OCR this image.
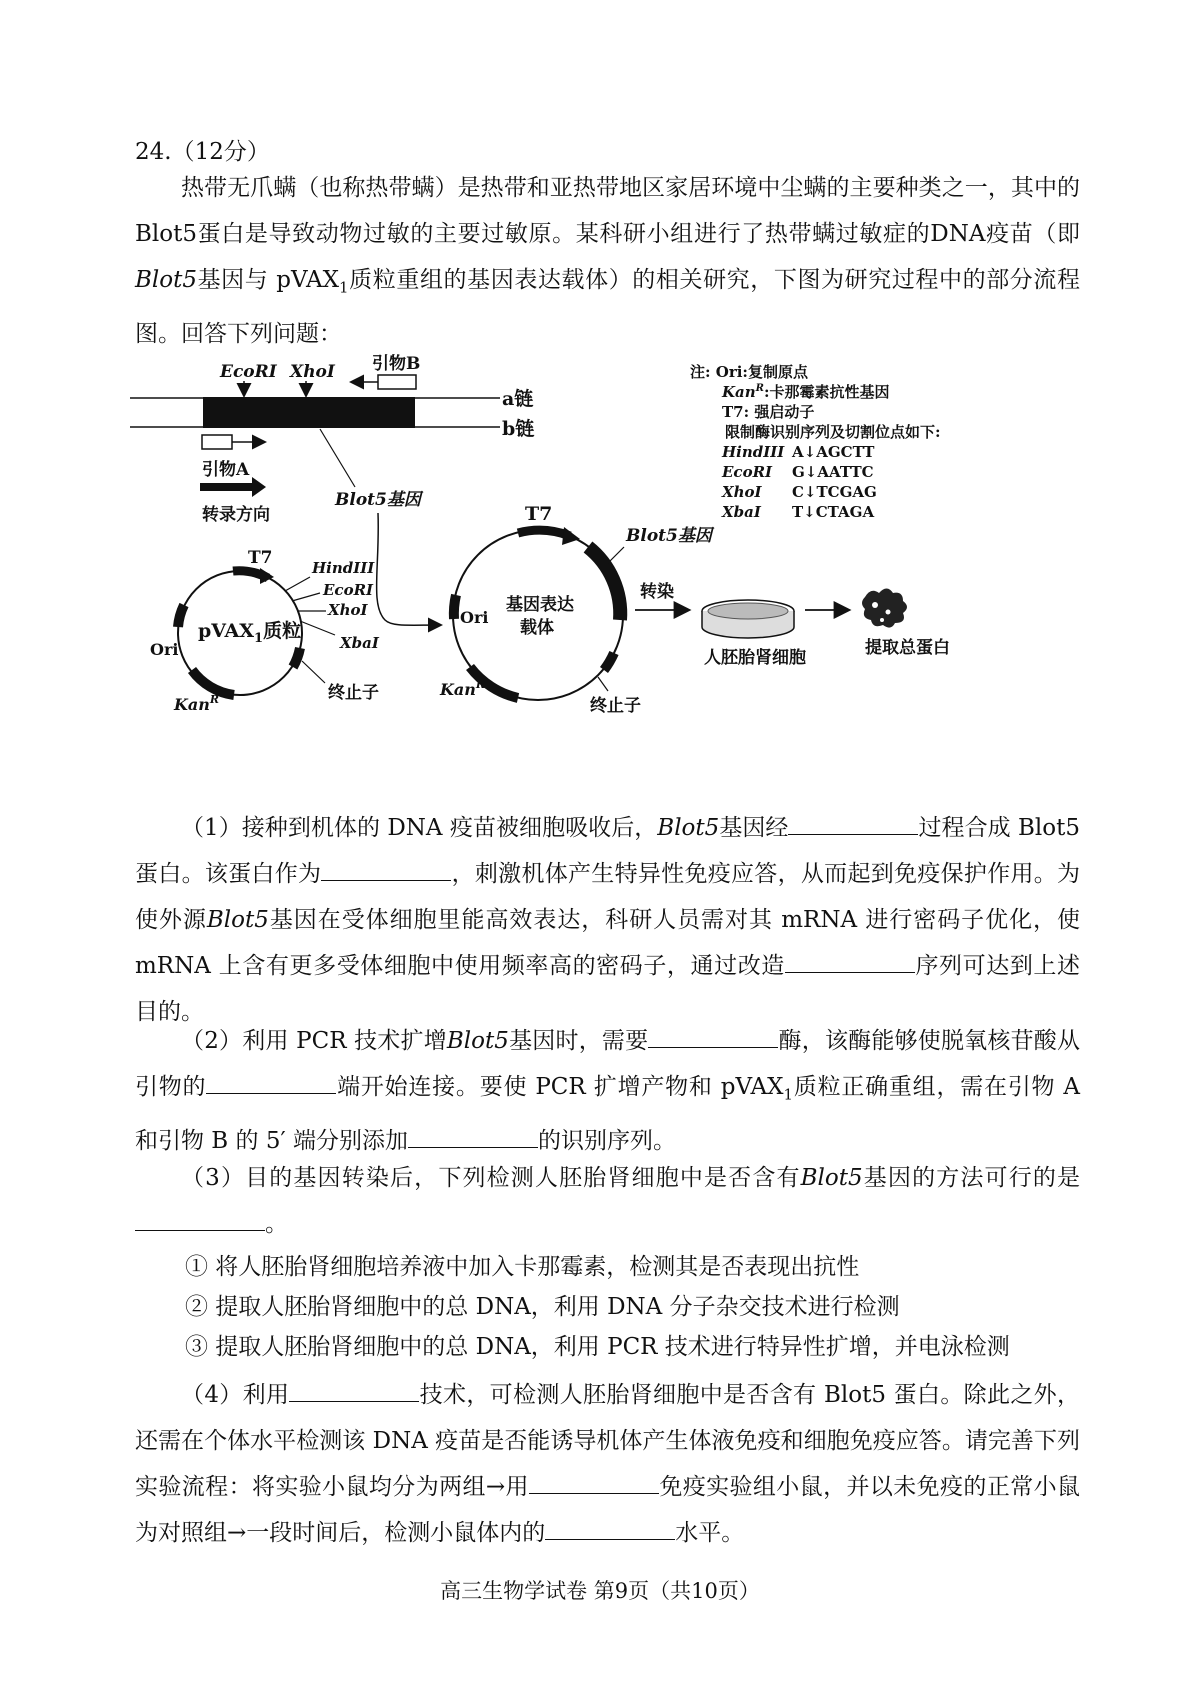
24.（12分）
热带无爪螨（也称热带螨）是热带和亚热带地区家居环境中尘螨的主要种类之一，其中的Blot5蛋白是导致动物过敏的主要过敏原。某科研小组进行了热带螨过敏症的DNA疫苗（即Blot5基因与 pVAX$_1$质粒重组的基因表达载体）的相关研究，下图为研究过程中的部分流程图。回答下列问题：
a链
b链
EcoRI XhoI 引物B
引物A
转录方向
Blot5基因
T7
Ori
Kan$^R$	终止子
pVAX$_1$质粒
HindIII
EcoRI
XhoI
XbaI
T7
Blot5基因
Ori
Kan$^R$
终止子
基因表达
载体
转染
人胚胎肾细胞	提取总蛋白
注: Ori:复制原点
Kan$^R$:卡那霉素抗性基因
T7: 强启动子
限制酶识别序列及切割位点如下:
HindIII A↓AGCTT
EcoRI G↓AATTC
XhoI C↓TCGAG
XbaI T↓CTAGA
（1）接种到机体的 DNA 疫苗被细胞吸收后，Blot5基因经	过程合成 Blot5蛋白。该蛋白作为	，刺激机体产生特异性免疫应答，从而起到免疫保护作用。为使外源Blot5基因在受体细胞里能高效表达，科研人员需对其 mRNA 进行密码子优化，使 mRNA 上含有更多受体细胞中使用频率高的密码子，通过改造	序列可达到上述目的。
（2）利用 PCR 技术扩增Blot5基因时，需要	酶，该酶能够使脱氧核苷酸从引物的	端开始连接。要使 PCR 扩增产物和 pVAX$_1$质粒正确重组，需在引物 A 和引物 B 的 5′ 端分别添加	的识别序列。
（3）目的基因转染后，下列检测人胚胎肾细胞中是否含有Blot5基因的方法可行的是。
① 将人胚胎肾细胞培养液中加入卡那霉素，检测其是否表现出抗性
② 提取人胚胎肾细胞中的总 DNA，利用 DNA 分子杂交技术进行检测
③ 提取人胚胎肾细胞中的总 DNA，利用 PCR 技术进行特异性扩增，并电泳检测
（4）利用	技术，可检测人胚胎肾细胞中是否含有 Blot5 蛋白。除此之外，还需在个体水平检测该 DNA 疫苗是否能诱导机体产生体液免疫和细胞免疫应答。请完善下列实验流程：将实验小鼠均分为两组→用	免疫实验组小鼠，并以未免疫的正常小鼠为对照组→一段时间后，检测小鼠体内的	水平。
高三生物学试卷 第9页（共10页）
